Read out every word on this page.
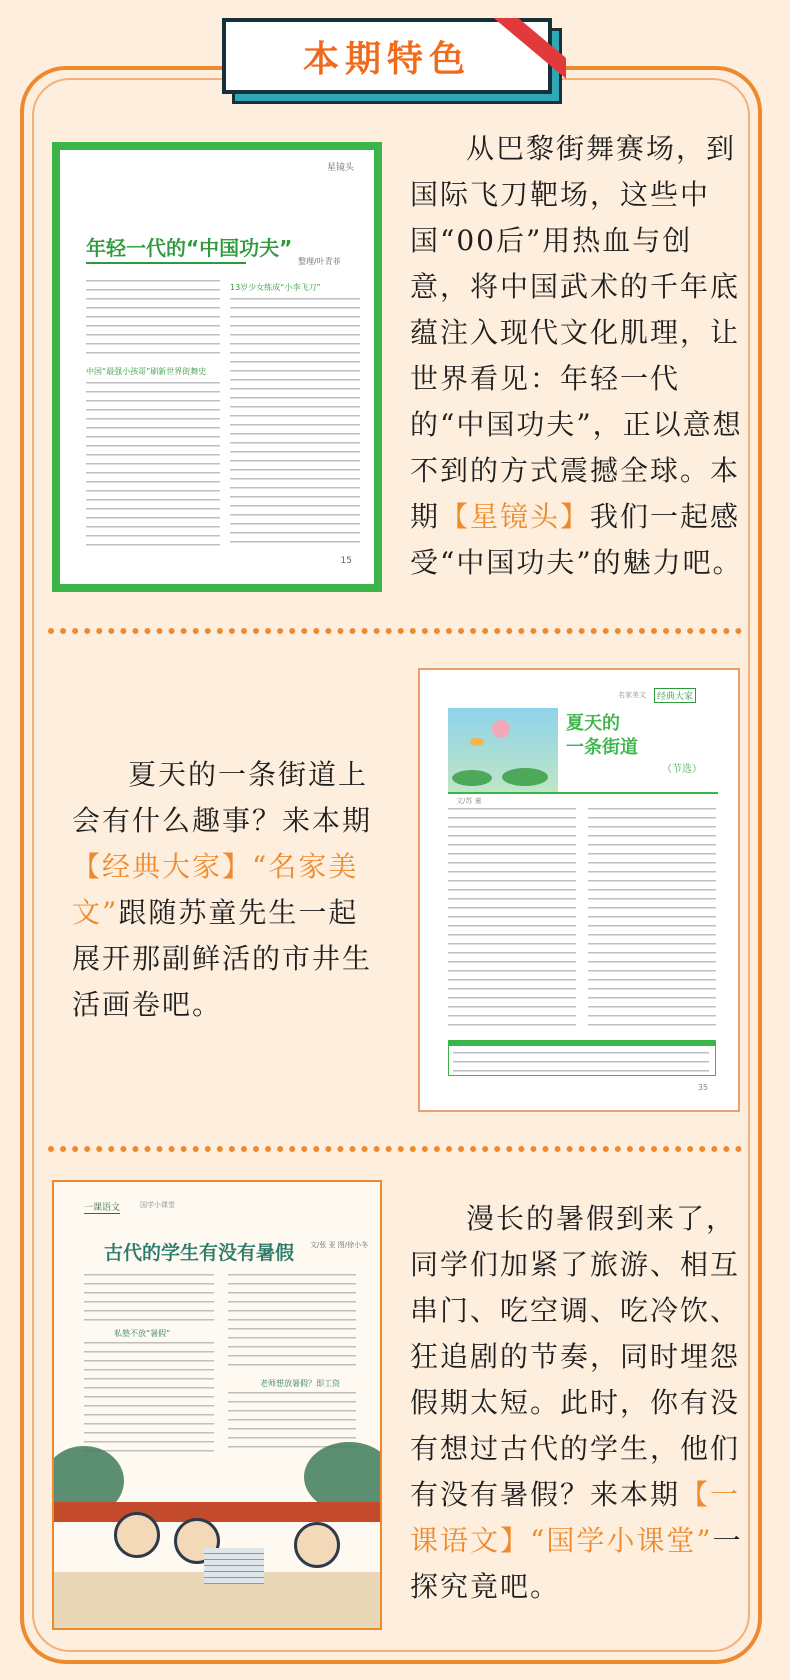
本期特色
星镜头
年轻一代的“中国功夫”
整理/叶青菲
13岁少女练成“小李飞刀”
中国“最强小孩哥”刷新世界街舞史
15
从巴黎街舞赛场，到国际飞刀靶场，这些中国“00后”用热血与创意，将中国武术的千年底蕴注入现代文化肌理，让世界看见：年轻一代的“中国功夫”，正以意想不到的方式震撼全球。本期【星镜头】我们一起感受“中国功夫”的魅力吧。
夏天的一条街道上会有什么趣事？来本期【经典大家】“名家美文”跟随苏童先生一起展开那副鲜活的市井生活画卷吧。
名家美文	经典大家
夏天的
一条街道
（节选）
文/苏 童
散文赏析：
35
一课语文	国学小课堂
古代的学生有没有暑假 文/张 亚 图/徐小冬
私塾不放“暑假”
老师想放暑假？即工资
漫长的暑假到来了，同学们加紧了旅游、相互串门、吃空调、吃冷饮、狂追剧的节奏，同时埋怨假期太短。此时，你有没有想过古代的学生，他们有没有暑假？来本期【一课语文】“国学小课堂”一探究竟吧。
